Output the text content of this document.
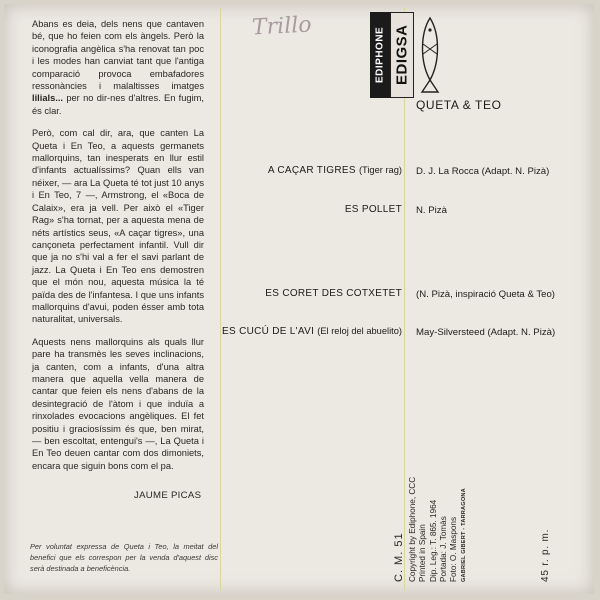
Abans es deia, dels nens que cantaven bé, que ho feien com els àngels. Però la iconografia angèlica s'ha renovat tan poc i les modes han canviat tant que l'antiga comparació provoca embafadores ressonàncies i malaltisses imatges lilials... per no dir-nes d'altres. En fugim, és clar.

Però, com cal dir, ara, que canten La Queta i En Teo, a aquests germanets mallorquins, tan inesperats en llur estil d'infants actualíssims? Quan ells van néixer, — ara La Queta té tot just 10 anys i En Teo, 7 —, Armstrong, el «Boca de Calaix», era ja vell. Per això el «Tiger Rag» s'ha tornat, per a aquesta mena de néts artístics seus, «A caçar tigres», una cançoneta perfectament infantil. Vull dir que ja no s'hi val a fer el savi parlant de jazz. La Queta i En Teo ens demostren que el món nou, aquesta música la té païda des de l'infantesa. I que uns infants mallorquins d'avui, poden ésser amb tota naturalitat, universals.

Aquests nens mallorquins als quals llur pare ha transmès les seves inclinacions, ja canten, com a infants, d'una altra manera que aquella vella manera de cantar que feien els nens d'abans de la desintegració de l'àtom i que induïa a rinxolades evocacions angèliques. El fet positiu i graciosíssim és que, ben mirat, — ben escoltat, entengui's —, La Queta i En Teo deuen cantar com dos dimoniets, encara que siguin bons com el pa.

JAUME PICAS
Per voluntat expressa de Queta i Teo, la meitat del benefici que els correspon per la venda d'aquest disc serà destinada a beneficència.
Trillo
EDIPHONE EDIGSA
QUETA & TEO
A CAÇAR TIGRES (Tiger rag) D. J. La Rocca (Adapt. N. Pizà)
ES POLLET N. Pizà
ES CORET DES COTXETET (N. Pizà, inspiració Queta & Teo)
ES CUCÚ DE L'AVI (El reloj del abuelito) May-Silversteed (Adapt. N. Pizà)
C. M. 51 Copyright by Ediphone, CCC Printed in Spain Dip. Leg.: T. 865. 1964 Portada: J. Tomàs Foto: O. Maspons GABRIEL GIBERT - TARRAGONA	45 r. p. m.
